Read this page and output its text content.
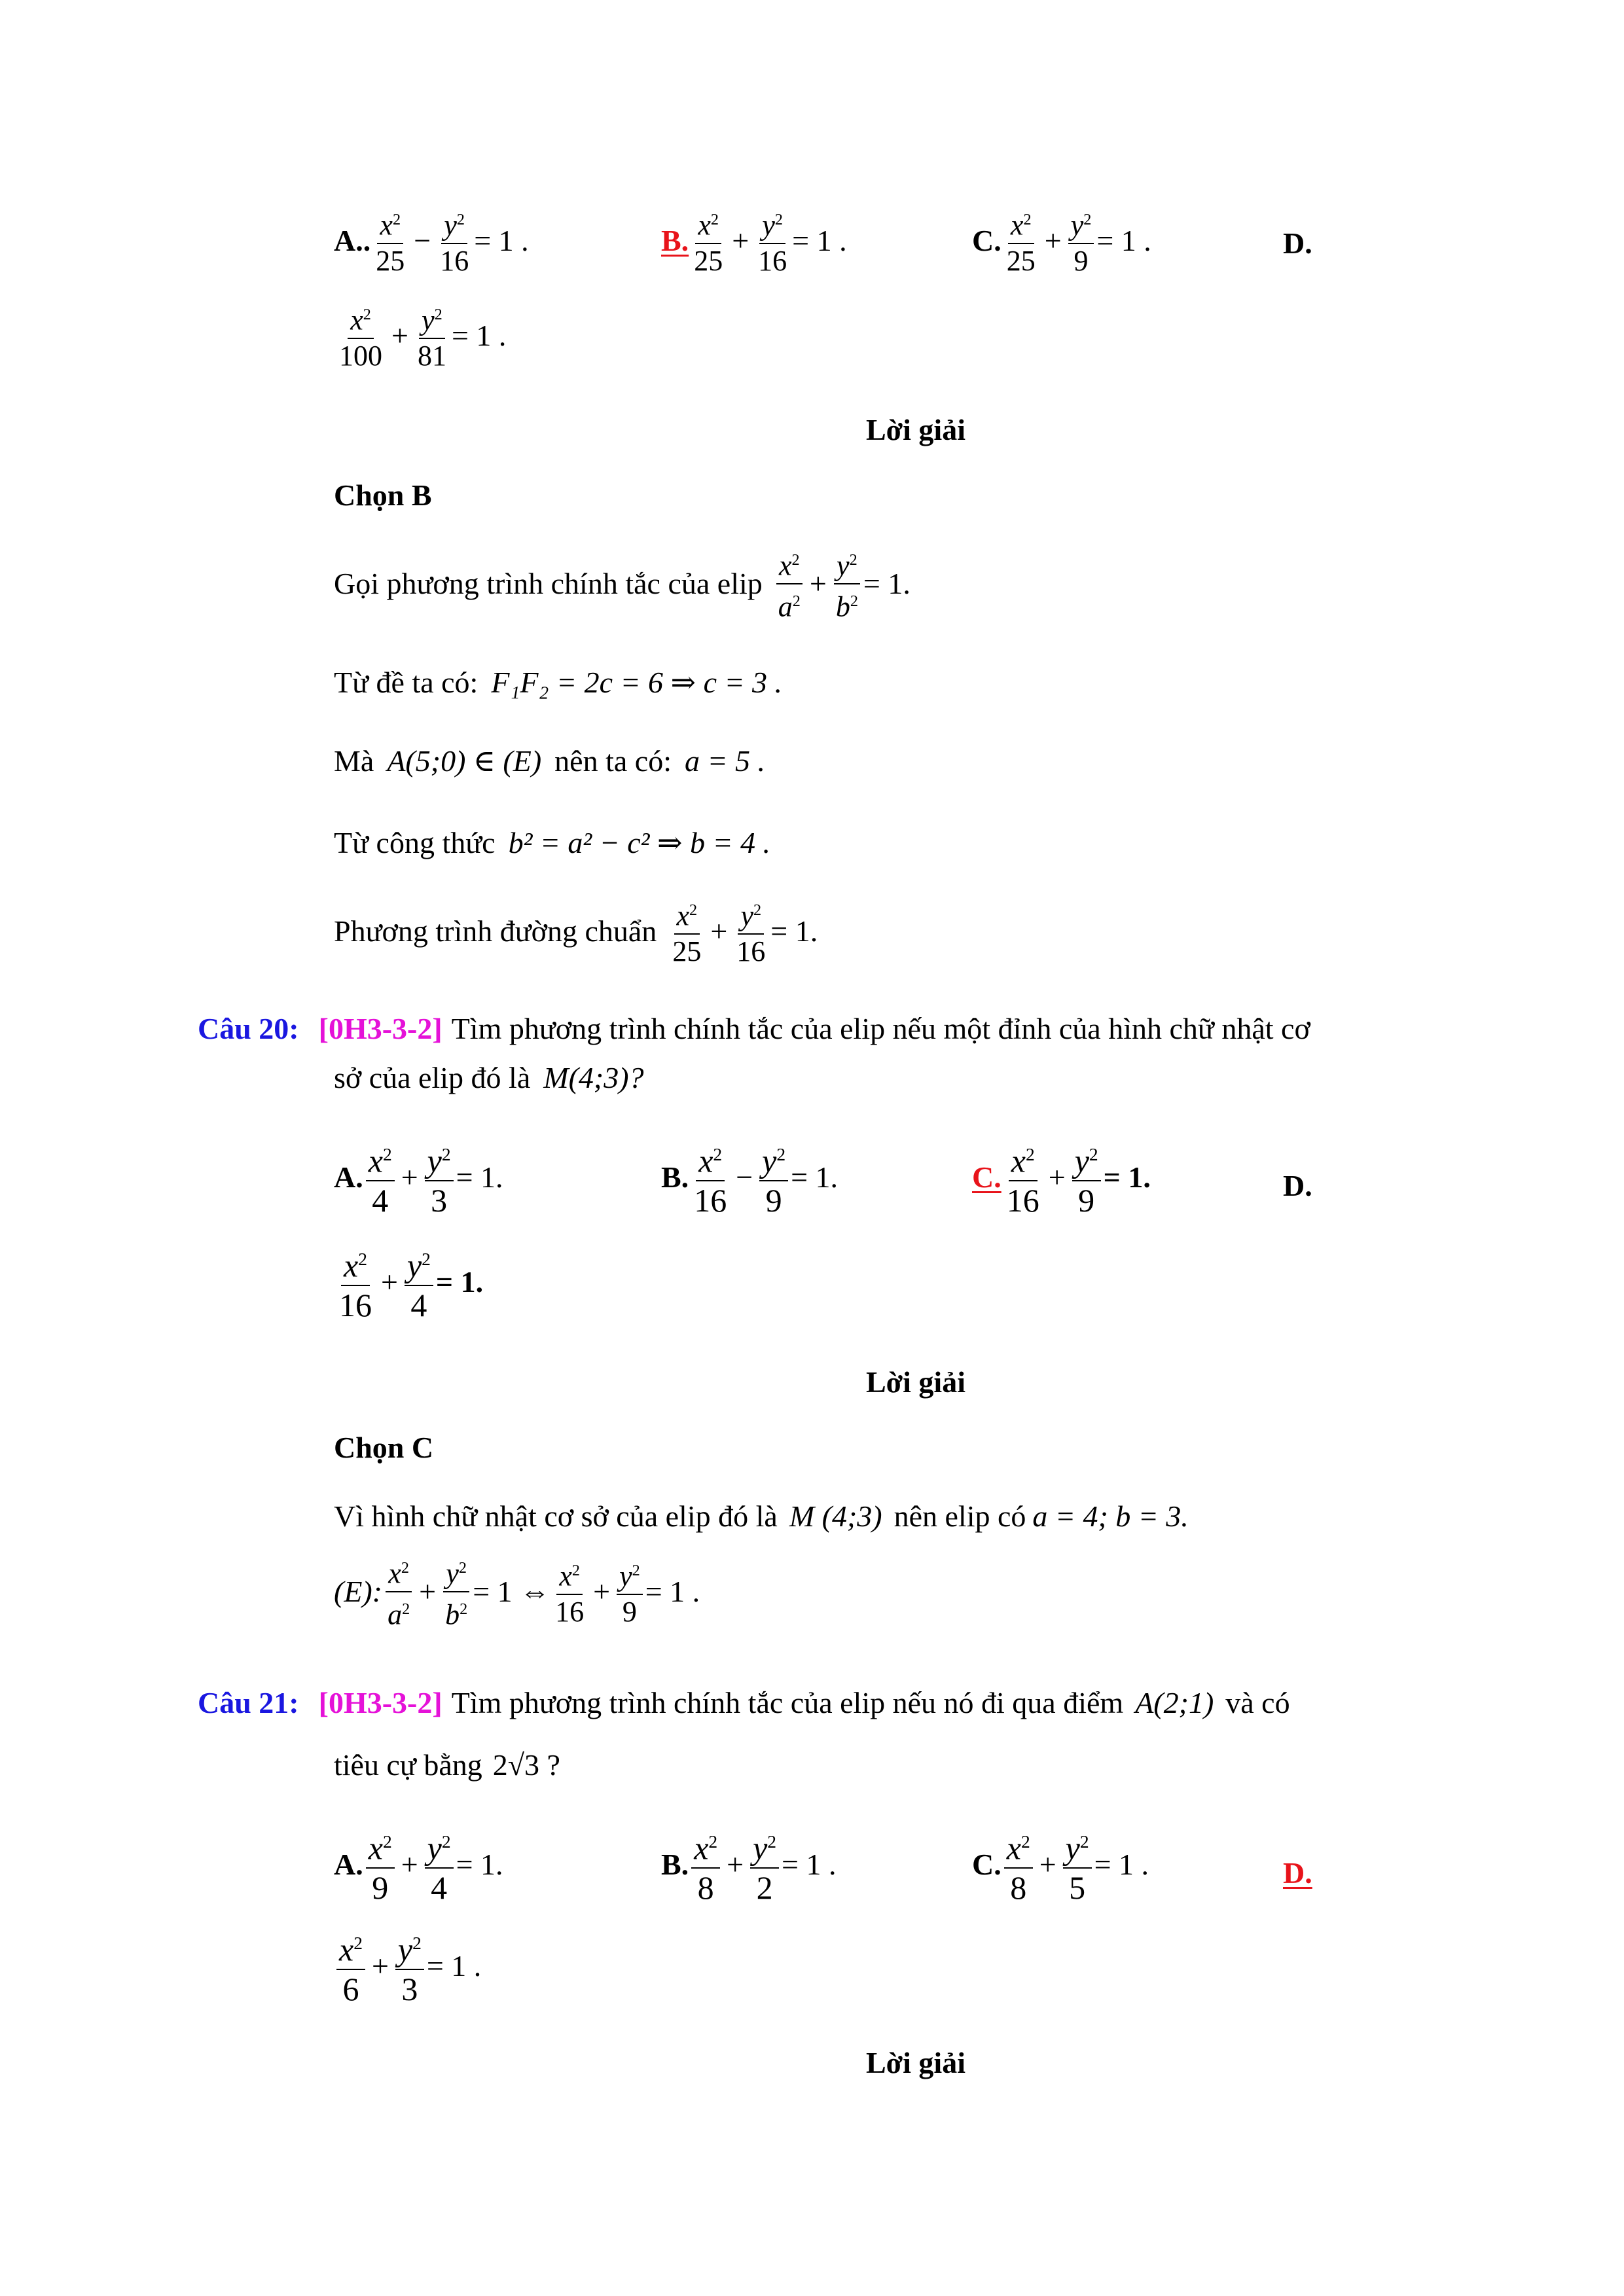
A.. $\frac{x^2}{25} - \frac{y^2}{16} = 1$ .	B. $\frac{x^2}{25} + \frac{y^2}{16} = 1$ .	C. $\frac{x^2}{25} + \frac{y^2}{9} = 1$ .	D.
$\frac{x^2}{100} + \frac{y^2}{81} = 1$ .
Lời giải
Chọn B
Gọi phương trình chính tắc của elip $\frac{x^2}{a^2} + \frac{y^2}{b^2} = 1$.
Từ đề ta có: F₁F₂ = 2c = 6 ⇒ c = 3 .
Mà A(5;0) ∈ (E) nên ta có: a = 5 .
Từ công thức b² = a² − c² ⇒ b = 4 .
Phương trình đường chuẩn $\frac{x^2}{25} + \frac{y^2}{16} = 1$.
Câu 20: [0H3-3-2] Tìm phương trình chính tắc của elip nếu một đỉnh của hình chữ nhật cơ
sở của elip đó là M(4;3)?
A. $\frac{x^2}{4} + \frac{y^2}{3} = 1$.	B. $\frac{x^2}{16} - \frac{y^2}{9} = 1$.	C. $\frac{x^2}{16} + \frac{y^2}{9} = 1$.	D.
$\frac{x^2}{16} + \frac{y^2}{4} = 1$.
Lời giải
Chọn C
Vì hình chữ nhật cơ sở của elip đó là M (4;3) nên elip có a = 4; b = 3.
(E): $\frac{x^2}{a^2} + \frac{y^2}{b^2} = 1$ ⇔ $\frac{x^2}{16} + \frac{y^2}{9} = 1$ .
Câu 21: [0H3-3-2] Tìm phương trình chính tắc của elip nếu nó đi qua điểm A(2;1) và có
tiêu cự bằng 2√3 ?
A. $\frac{x^2}{9} + \frac{y^2}{4} = 1$.	B. $\frac{x^2}{8} + \frac{y^2}{2} = 1$ .	C. $\frac{x^2}{8} + \frac{y^2}{5} = 1$ .	D.
$\frac{x^2}{6} + \frac{y^2}{3} = 1$ .
Lời giải
